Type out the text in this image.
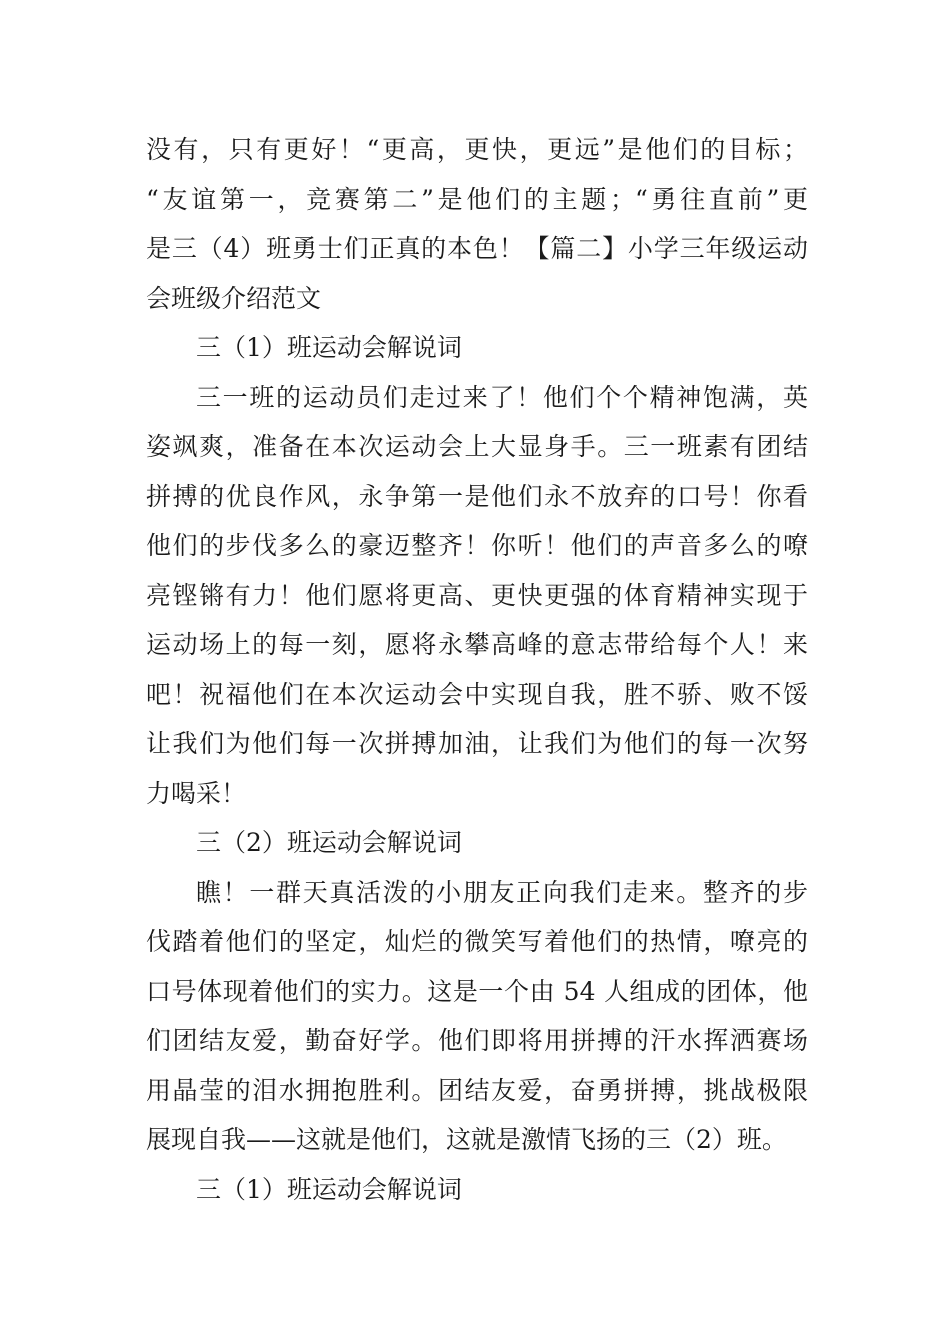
没有，只有更好！“更高，更快，更远”是他们的目标；
“友谊第一，竞赛第二”是他们的主题；“勇往直前”更
是三（4）班勇士们正真的本色！【篇二】小学三年级运动
会班级介绍范文
三（1）班运动会解说词
三一班的运动员们走过来了！他们个个精神饱满，英
姿飒爽，准备在本次运动会上大显身手。三一班素有团结
拼搏的优良作风，永争第一是他们永不放弃的口号！你看
他们的步伐多么的豪迈整齐！你听！他们的声音多么的嘹
亮铿锵有力！他们愿将更高、更快更强的体育精神实现于
运动场上的每一刻，愿将永攀高峰的意志带给每个人！来
吧！祝福他们在本次运动会中实现自我，胜不骄、败不馁
让我们为他们每一次拼搏加油，让我们为他们的每一次努
力喝采！
三（2）班运动会解说词
瞧！一群天真活泼的小朋友正向我们走来。整齐的步
伐踏着他们的坚定，灿烂的微笑写着他们的热情，嘹亮的
口号体现着他们的实力。这是一个由 54 人组成的团体，他
们团结友爱，勤奋好学。他们即将用拼搏的汗水挥洒赛场
用晶莹的泪水拥抱胜利。团结友爱，奋勇拼搏，挑战极限
展现自我——这就是他们，这就是激情飞扬的三（2）班。
三（1）班运动会解说词
